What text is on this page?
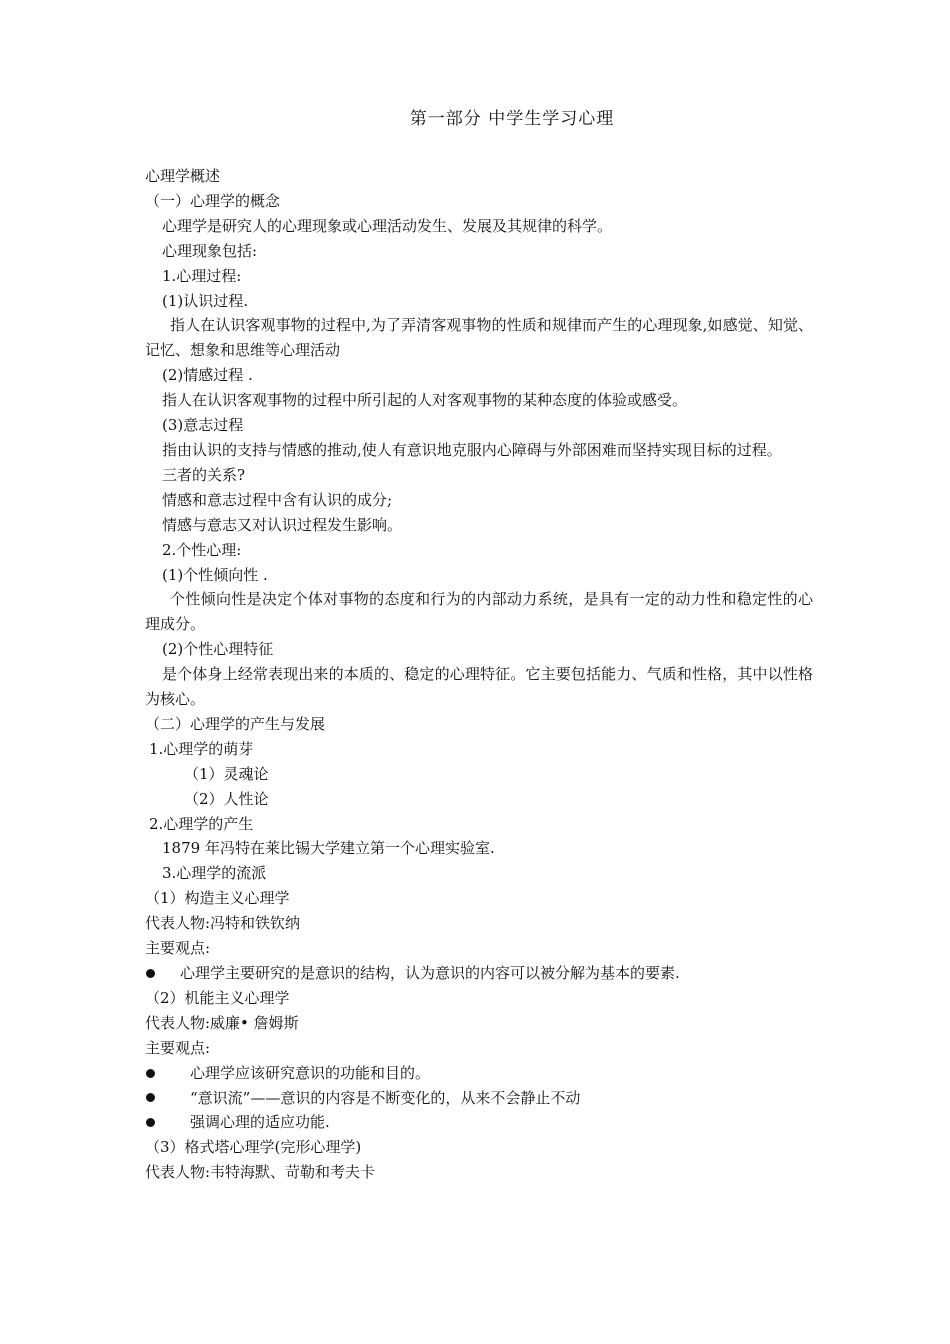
第一部分 中学生学习心理

心理学概述

（一）心理学的概念

心理学是研究人的心理现象或心理活动发生、发展及其规律的科学。

心理现象包括:

1.心理过程:

(1)认识过程.

指人在认识客观事物的过程中,为了弄清客观事物的性质和规律而产生的心理现象,如感觉、知觉、记忆、想象和思维等心理活动

(2)情感过程 .

指人在认识客观事物的过程中所引起的人对客观事物的某种态度的体验或感受。

(3)意志过程

指由认识的支持与情感的推动,使人有意识地克服内心障碍与外部困难而坚持实现目标的过程。

三者的关系?

情感和意志过程中含有认识的成分;

情感与意志又对认识过程发生影响。

2.个性心理:

(1)个性倾向性 .

个性倾向性是决定个体对事物的态度和行为的内部动力系统，是具有一定的动力性和稳定性的心理成分。

(2)个性心理特征

是个体身上经常表现出来的本质的、稳定的心理特征。它主要包括能力、气质和性格，其中以性格为核心。

（二）心理学的产生与发展

1.心理学的萌芽

（1）灵魂论

（2）人性论

2.心理学的产生

1879 年冯特在莱比锡大学建立第一个心理实验室.

3.心理学的流派

（1）构造主义心理学

代表人物:冯特和铁钦纳

主要观点:

心理学主要研究的是意识的结构，认为意识的内容可以被分解为基本的要素.

（2）机能主义心理学

代表人物:威廉• 詹姆斯

主要观点:

心理学应该研究意识的功能和目的。
“意识流”——意识的内容是不断变化的，从来不会静止不动
强调心理的适应功能.

（3）格式塔心理学(完形心理学)

代表人物:韦特海默、苛勒和考夫卡
